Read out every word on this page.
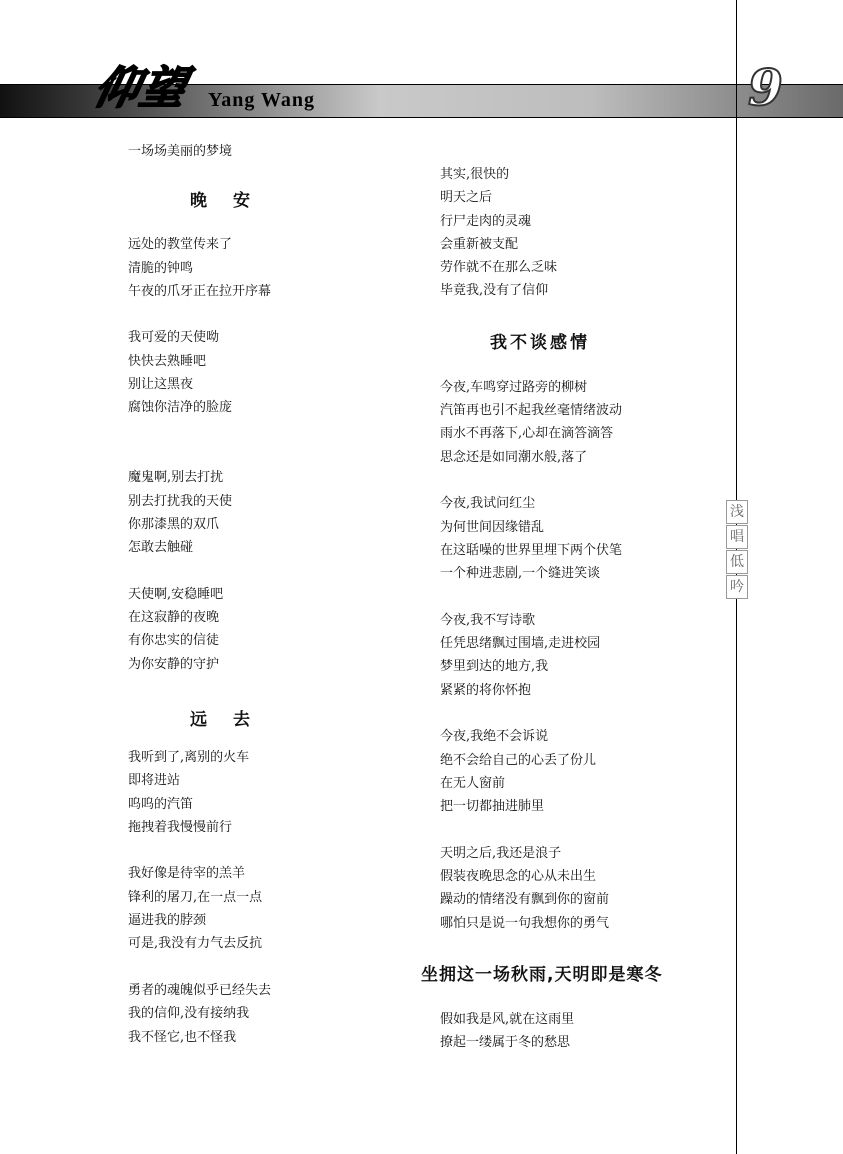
仰望 Yang Wang	9
浅
唱
低
吟
晚安
远去
我不谈感情
坐拥这一场秋雨,天明即是寒冬
一场场美丽的梦境
远处的教堂传来了
清脆的钟鸣
午夜的爪牙正在拉开序幕
我可爱的天使呦
快快去熟睡吧
别让这黑夜
腐蚀你洁净的脸庞
魔鬼啊,别去打扰
别去打扰我的天使
你那漆黑的双爪
怎敢去触碰
天使啊,安稳睡吧
在这寂静的夜晚
有你忠实的信徒
为你安静的守护
我听到了,离别的火车
即将进站
呜呜的汽笛
拖拽着我慢慢前行
我好像是待宰的羔羊
锋利的屠刀,在一点一点
逼进我的脖颈
可是,我没有力气去反抗
勇者的魂魄似乎已经失去
我的信仰,没有接纳我
我不怪它,也不怪我
其实,很快的
明天之后
行尸走肉的灵魂
会重新被支配
劳作就不在那么乏味
毕竟我,没有了信仰
今夜,车鸣穿过路旁的柳树
汽笛再也引不起我丝毫情绪波动
雨水不再落下,心却在滴答滴答
思念还是如同潮水般,落了
今夜,我试问红尘
为何世间因缘错乱
在这聒噪的世界里埋下两个伏笔
一个种进悲剧,一个缝进笑谈
今夜,我不写诗歌
任凭思绪飘过围墙,走进校园
梦里到达的地方,我
紧紧的将你怀抱
今夜,我绝不会诉说
绝不会给自己的心丢了份儿
在无人窗前
把一切都抽进肺里
天明之后,我还是浪子
假装夜晚思念的心从未出生
躁动的情绪没有飘到你的窗前
哪怕只是说一句我想你的勇气
假如我是风,就在这雨里
撩起一缕属于冬的愁思
